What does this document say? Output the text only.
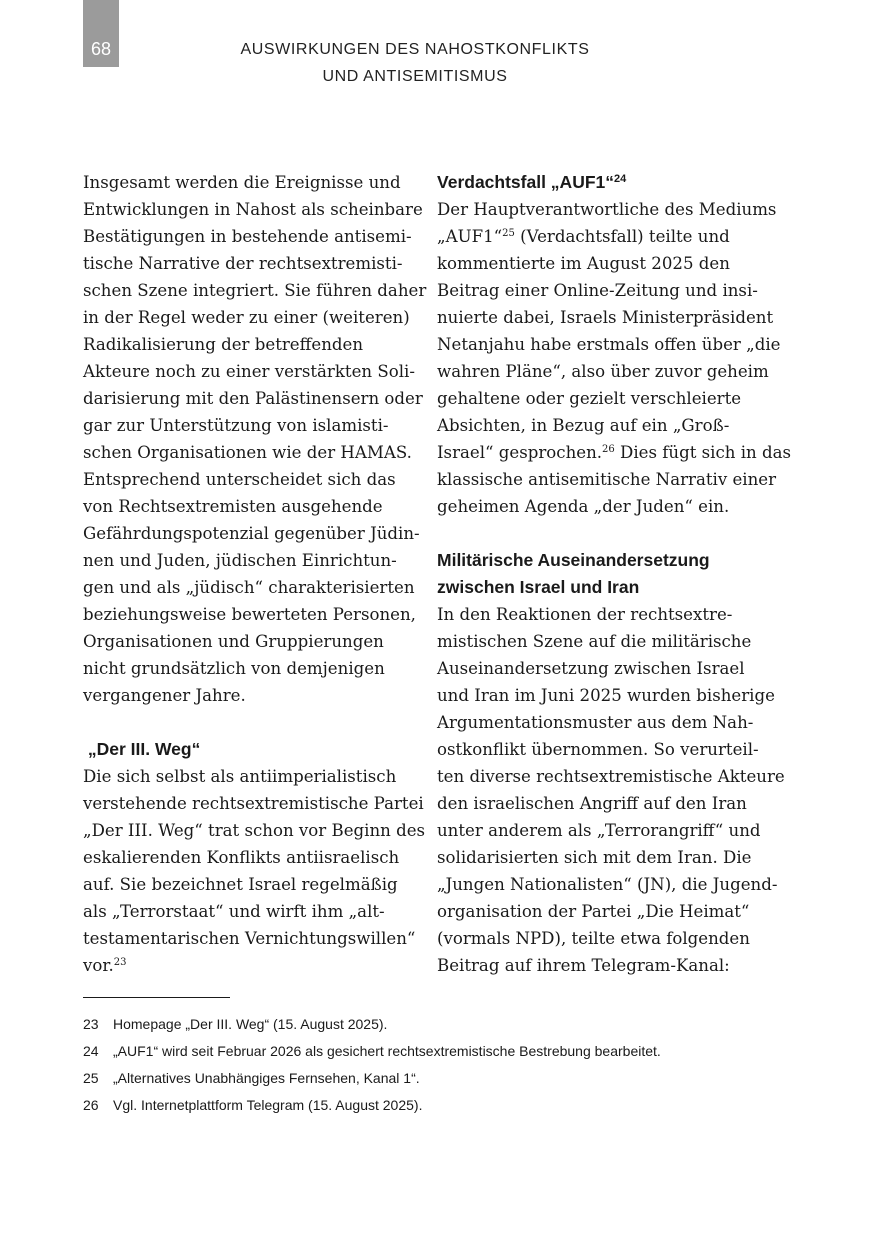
68	AUSWIRKUNGEN DES NAHOSTKONFLIKTS
UND ANTISEMITISMUS
Insgesamt werden die Ereignisse und
Entwicklungen in Nahost als scheinbare
Bestätigungen in bestehende antisemi-
tische Narrative der rechtsextremisti-
schen Szene integriert. Sie führen daher
in der Regel weder zu einer (weiteren)
Radikalisierung der betreffenden
Akteure noch zu einer verstärkten Soli-
darisierung mit den Palästinensern oder
gar zur Unterstützung von islamisti-
schen Organisationen wie der HAMAS.
Entsprechend unterscheidet sich das
von Rechtsextremisten ausgehende
Gefährdungspotenzial gegenüber Jüdin-
nen und Juden, jüdischen Einrichtun-
gen und als „jüdisch“ charakterisierten
beziehungsweise bewerteten Personen,
Organisationen und Gruppierungen
nicht grundsätzlich von demjenigen
vergangener Jahre.
„Der III. Weg“
Die sich selbst als antiimperialistisch
verstehende rechtsextremistische Partei
„Der III. Weg“ trat schon vor Beginn des
eskalierenden Konflikts antiisraelisch
auf. Sie bezeichnet Israel regelmäßig
als „Terrorstaat“ und wirft ihm „alt-
testamentarischen Vernichtungswillen“
vor.$^{23}$
Verdachtsfall „AUF1“$^{24}$
Der Hauptverantwortliche des Mediums
„AUF1“$^{25}$ (Verdachtsfall) teilte und
kommentierte im August 2025 den
Beitrag einer Online-Zeitung und insi-
nuierte dabei, Israels Ministerpräsident
Netanjahu habe erstmals offen über „die
wahren Pläne“, also über zuvor geheim
gehaltene oder gezielt verschleierte
Absichten, in Bezug auf ein „Groß-
Israel“ gesprochen.$^{26}$ Dies fügt sich in das
klassische antisemitische Narrativ einer
geheimen Agenda „der Juden“ ein.
Militärische Auseinandersetzung
zwischen Israel und Iran
In den Reaktionen der rechtsextre-
mistischen Szene auf die militärische
Auseinandersetzung zwischen Israel
und Iran im Juni 2025 wurden bisherige
Argumentationsmuster aus dem Nah-
ostkonflikt übernommen. So verurteil-
ten diverse rechtsextremistische Akteure
den israelischen Angriff auf den Iran
unter anderem als „Terrorangriff“ und
solidarisierten sich mit dem Iran. Die
„Jungen Nationalisten“ (JN), die Jugend-
organisation der Partei „Die Heimat“
(vormals NPD), teilte etwa folgenden
Beitrag auf ihrem Telegram-Kanal:
23	Homepage „Der III. Weg“ (15. August 2025).
24	„AUF1“ wird seit Februar 2026 als gesichert rechtsextremistische Bestrebung bearbeitet.
25	„Alternatives Unabhängiges Fernsehen, Kanal 1“.
26	Vgl. Internetplattform Telegram (15. August 2025).
